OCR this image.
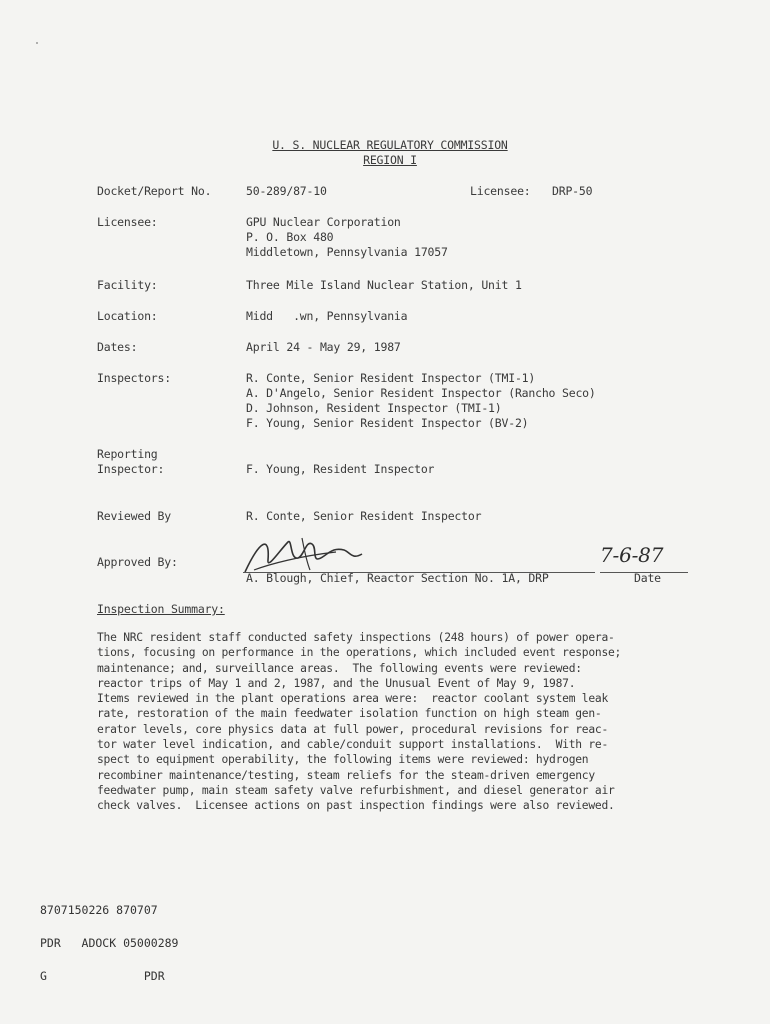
U. S. NUCLEAR REGULATORY COMMISSION
REGION I
Docket/Report No.	50-289/87-10	Licensee: DRP-50
Licensee:	GPU Nuclear Corporation
P. O. Box 480
Middletown, Pennsylvania 17057
Facility:	Three Mile Island Nuclear Station, Unit 1
Location:	Midd   .wn, Pennsylvania
Dates:	April 24 - May 29, 1987
Inspectors:	R. Conte, Senior Resident Inspector (TMI-1)
A. D'Angelo, Senior Resident Inspector (Rancho Seco)
D. Johnson, Resident Inspector (TMI-1)
F. Young, Senior Resident Inspector (BV-2)
Reporting
Inspector:	F. Young, Resident Inspector
Reviewed By	R. Conte, Senior Resident Inspector
Approved By:	7-6-87
A. Blough, Chief, Reactor Section No. 1A, DRP	Date
Inspection Summary:
The NRC resident staff conducted safety inspections (248 hours) of power opera-
tions, focusing on performance in the operations, which included event response;
maintenance; and, surveillance areas.  The following events were reviewed:
reactor trips of May 1 and 2, 1987, and the Unusual Event of May 9, 1987.
Items reviewed in the plant operations area were:  reactor coolant system leak
rate, restoration of the main feedwater isolation function on high steam gen-
erator levels, core physics data at full power, procedural revisions for reac-
tor water level indication, and cable/conduit support installations.  With re-
spect to equipment operability, the following items were reviewed: hydrogen
recombiner maintenance/testing, steam reliefs for the steam-driven emergency
feedwater pump, main steam safety valve refurbishment, and diesel generator air
check valves.  Licensee actions on past inspection findings were also reviewed.

8707150226 870707

PDR   ADOCK 05000289

G              PDR
